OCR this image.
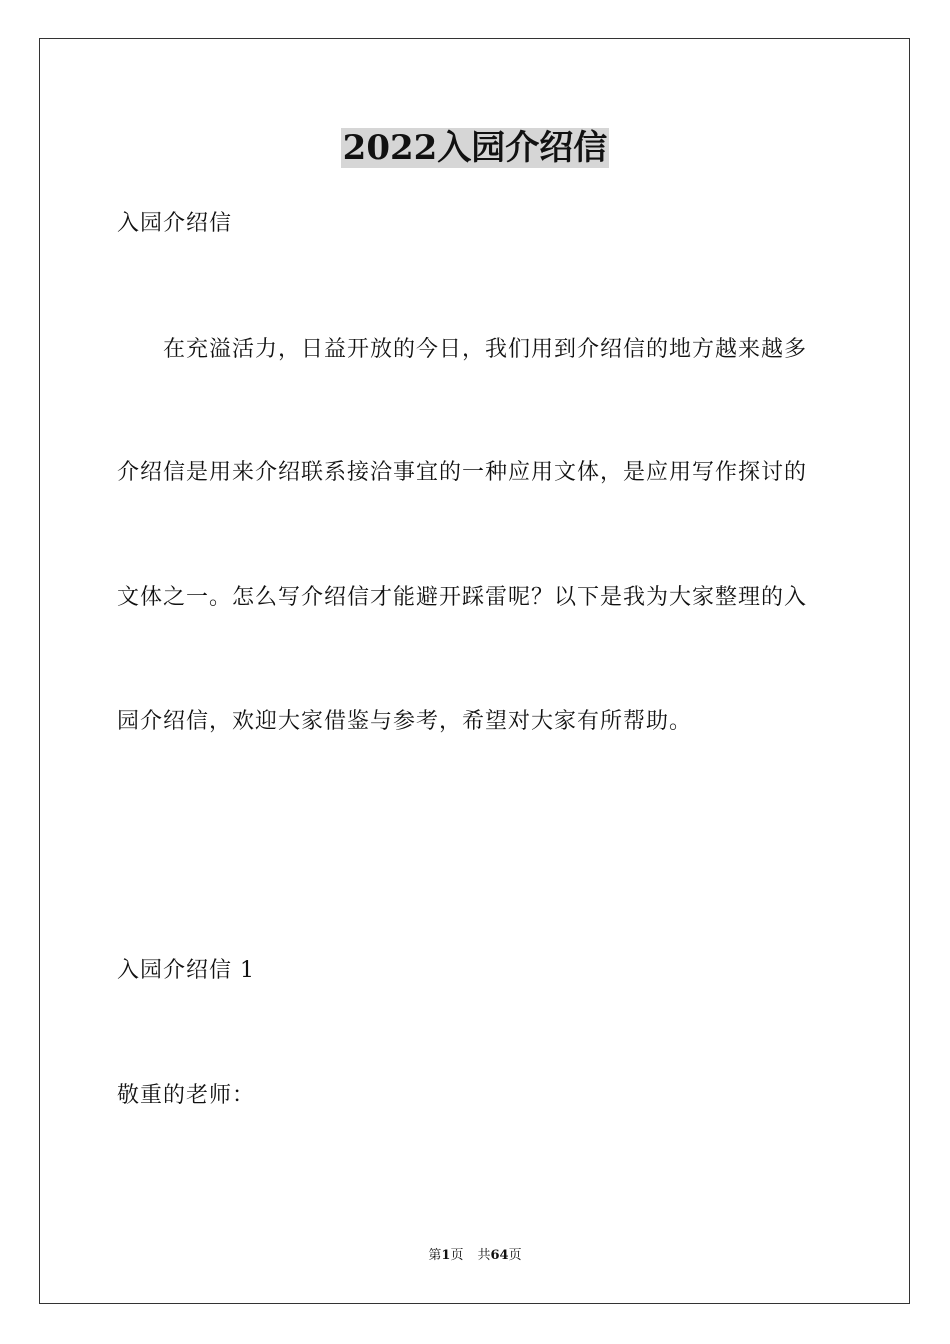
2022入园介绍信
入园介绍信
在充溢活力，日益开放的今日，我们用到介绍信的地方越来越多
介绍信是用来介绍联系接洽事宜的一种应用文体，是应用写作探讨的
文体之一。怎么写介绍信才能避开踩雷呢？以下是我为大家整理的入
园介绍信，欢迎大家借鉴与参考，希望对大家有所帮助。
入园介绍信 1
敬重的老师：
第1页 共64页
